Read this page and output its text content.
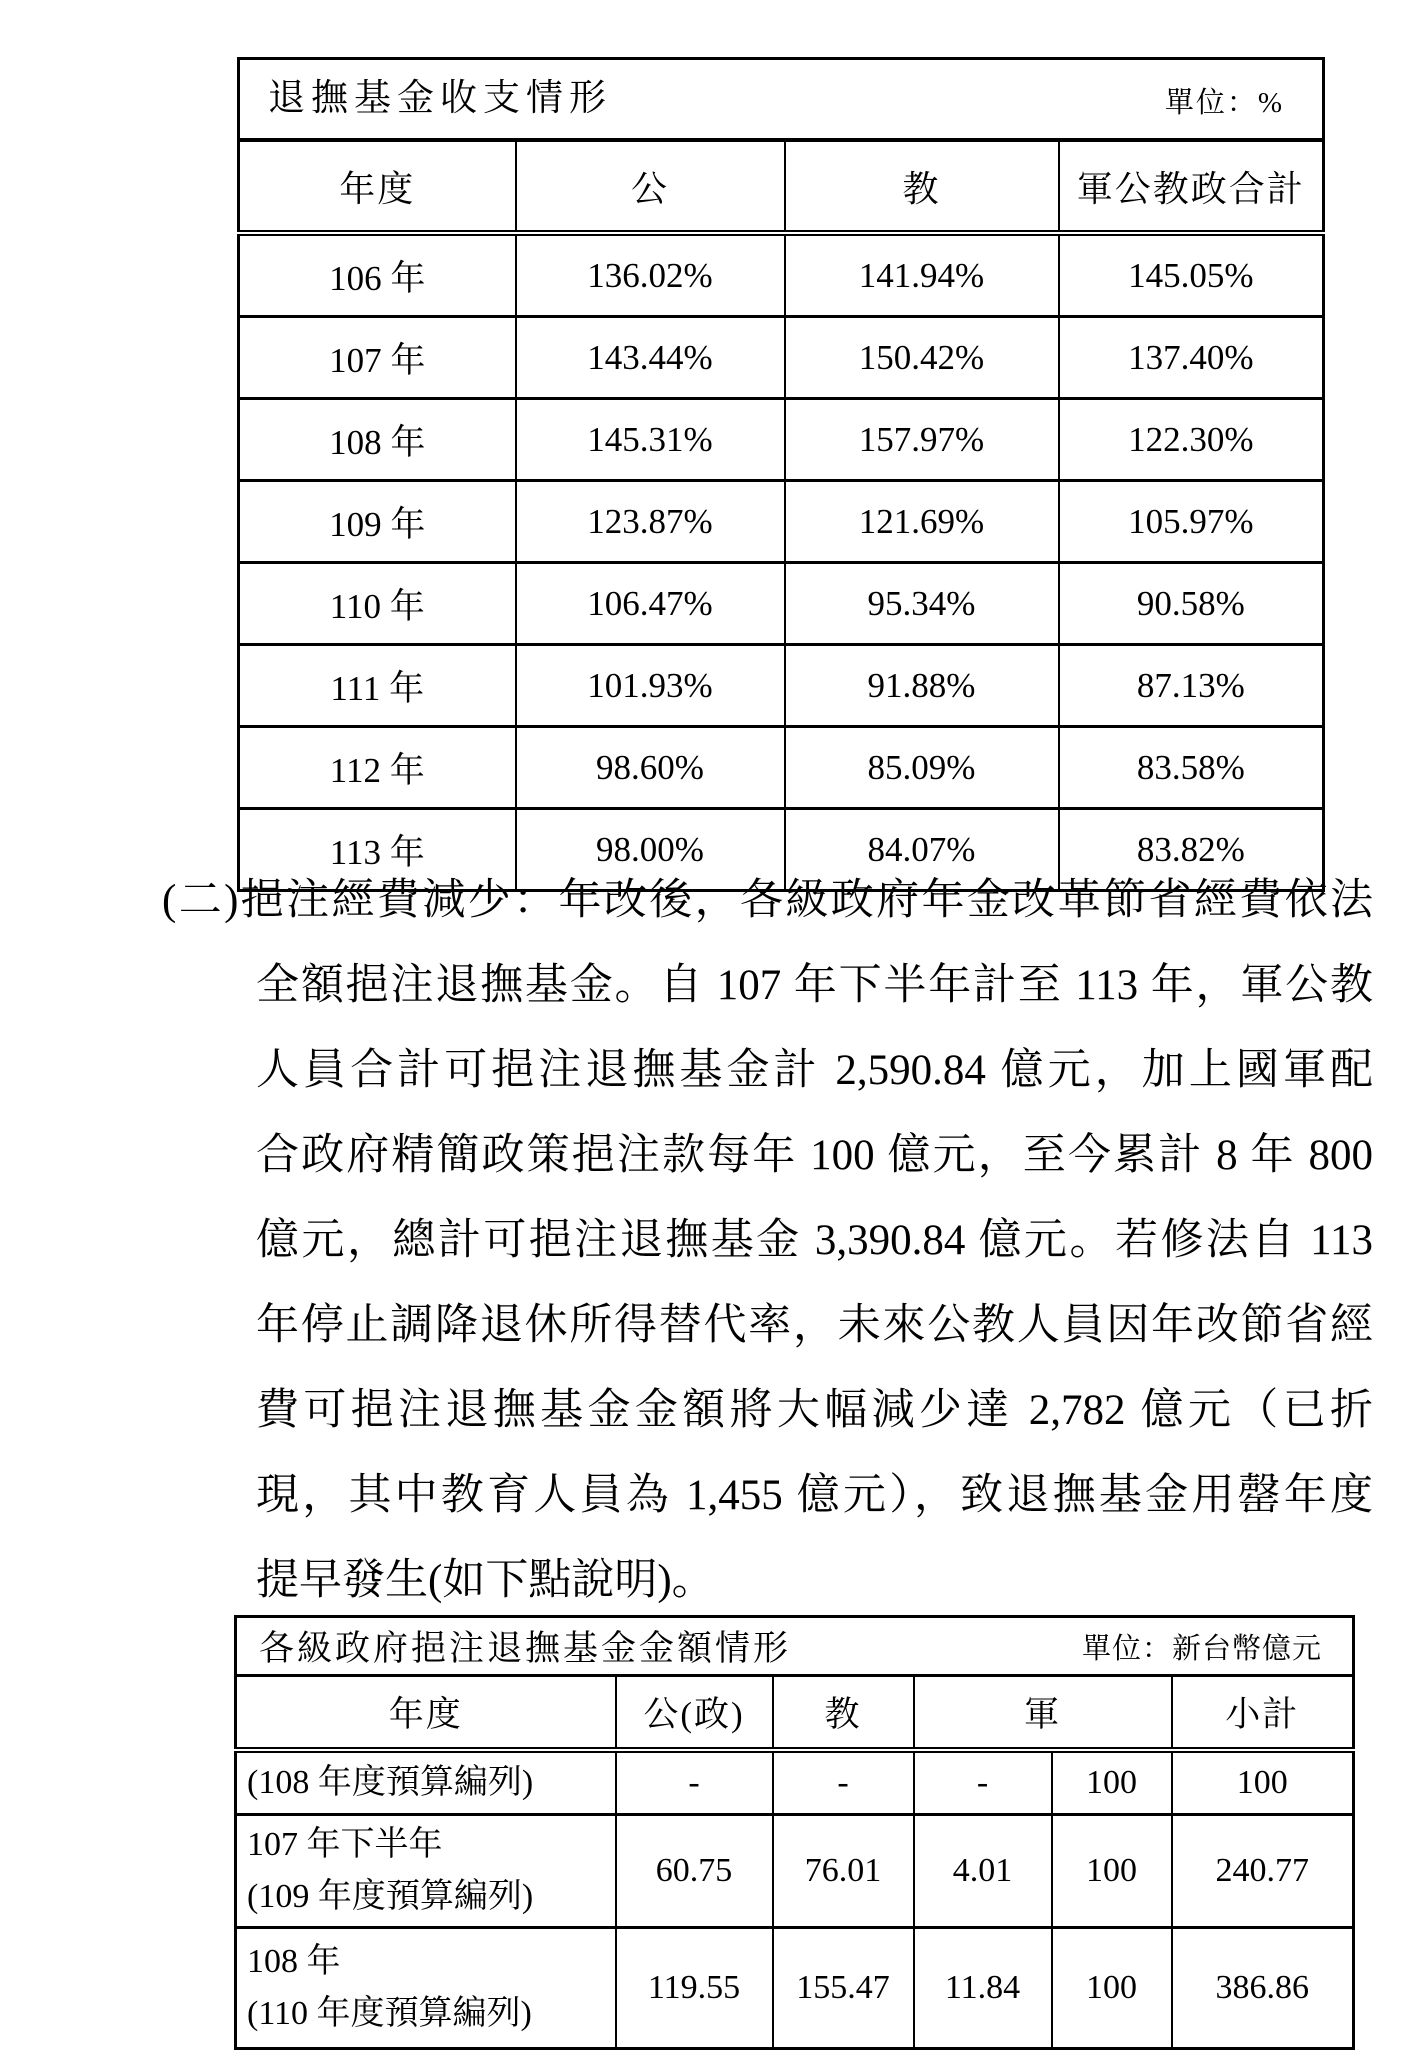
退撫基金收支情形 單位：%			

年度	公	教	軍公教政合計
106 年	136.02%	141.94%	145.05%
107 年	143.44%	150.42%	137.40%
108 年	145.31%	157.97%	122.30%
109 年	123.87%	121.69%	105.97%
110 年	106.47%	95.34%	90.58%
111 年	101.93%	91.88%	87.13%
112 年	98.60%	85.09%	83.58%
113 年	98.00%	84.07%	83.82%
(二)挹注經費減少：年改後，各級政府年金改革節省經費依法
全額挹注退撫基金。自 107 年下半年計至 113 年，軍公教
人員合計可挹注退撫基金計 2,590.84 億元，加上國軍配
合政府精簡政策挹注款每年 100 億元，至今累計 8 年 800
億元，總計可挹注退撫基金 3,390.84 億元。若修法自 113
年停止調降退休所得替代率，未來公教人員因年改節省經
費可挹注退撫基金金額將大幅減少達 2,782 億元（已折
現，其中教育人員為 1,455 億元），致退撫基金用罄年度
提早發生(如下點說明)。
各級政府挹注退撫基金金額情形 單位：新台幣億元					

年度	公(政)	教	軍		小計

(108 年度預算編列)	-	-	-	100	100

107 年下半年
(109 年度預算編列)	60.75	76.01	4.01	100	240.77

108 年
(110 年度預算編列)	119.55	155.47	11.84	100	386.86
